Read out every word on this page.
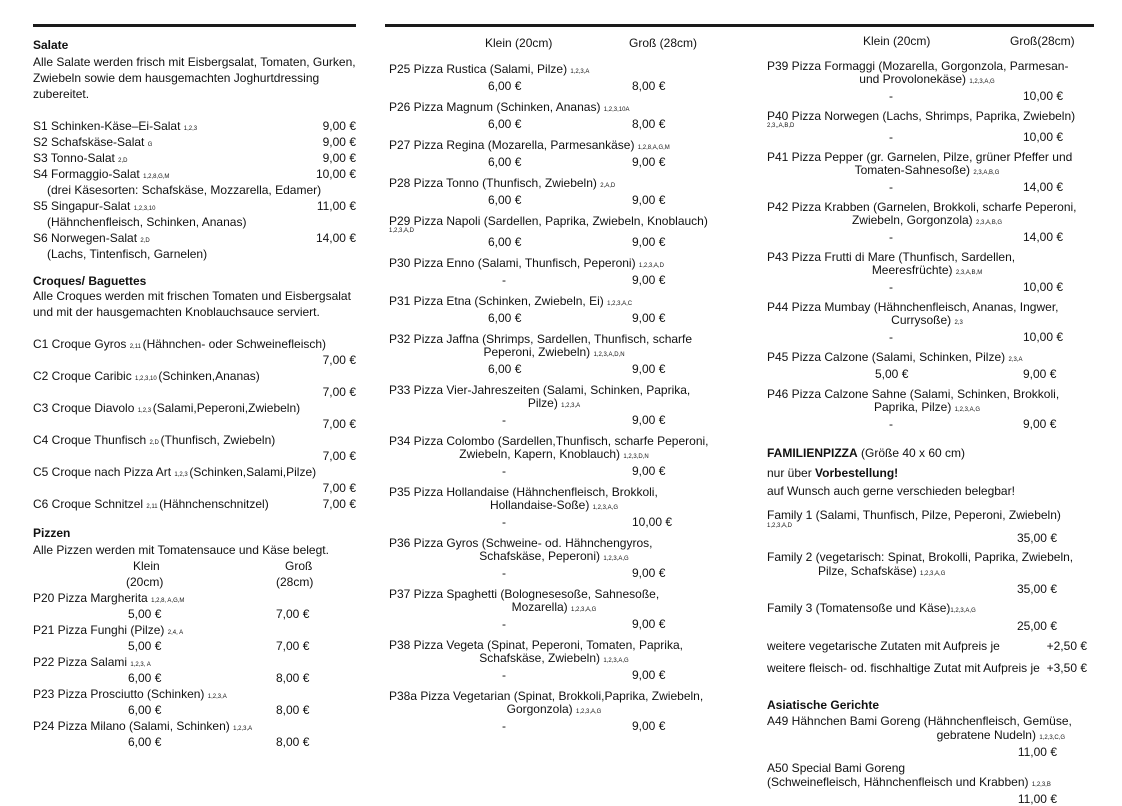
Salate
Alle Salate werden frisch mit Eisbergsalat, Tomaten, Gurken, Zwiebeln sowie dem hausgemachten Joghurtdressing zubereitet.
S1 Schinken-Käse–Ei-Salat 1,2,3	9,00 €
S2 Schafskäse-Salat G	9,00 €
S3 Tonno-Salat 2,D	9,00 €
S4 Formaggio-Salat 1,2,8,G,M	10,00 €
(drei Käsesorten: Schafskäse, Mozzarella, Edamer)
S5 Singapur-Salat 1,2,3,10	11,00 €
(Hähnchenfleisch, Schinken, Ananas)
S6 Norwegen-Salat 2,D	14,00 €
(Lachs, Tintenfisch, Garnelen)
Croques/ Baguettes
Alle Croques werden mit frischen Tomaten und Eisbergsalat und mit der hausgemachten Knoblauchsauce serviert.
C1 Croque Gyros 2,11 (Hähnchen- oder Schweinefleisch)
7,00 €
C2 Croque Caribic 1,2,3,10 (Schinken,Ananas)
7,00 €
C3 Croque Diavolo 1,2,3 (Salami,Peperoni,Zwiebeln)
7,00 €
C4 Croque Thunfisch 2,D (Thunfisch, Zwiebeln)
7,00 €
C5 Croque nach Pizza Art 1,2,3 (Schinken,Salami,Pilze)
7,00 €
C6 Croque Schnitzel 2,11 (Hähnchenschnitzel)	7,00 €
Pizzen
Alle Pizzen werden mit Tomatensauce und Käse belegt.
Klein	Groß
(20cm)	(28cm)
P20 Pizza Margherita 1,2,8, A,G,M
5,00 €	7,00 €
P21 Pizza Funghi (Pilze) 2,4, A
5,00 €	7,00 €
P22 Pizza Salami 1,2,3, A
6,00 €	8,00 €
P23 Pizza Prosciutto (Schinken) 1,2,3,A
6,00 €	8,00 €
P24 Pizza Milano (Salami, Schinken) 1,2,3,A
6,00 €	8,00 €
Klein (20cm)	Groß (28cm)
P25 Pizza Rustica (Salami, Pilze) 1,2,3,A
6,00 €	8,00 €
P26 Pizza Magnum (Schinken, Ananas) 1,2,3,10A
6,00 €	8,00 €
P27 Pizza Regina (Mozarella, Parmesankäse) 1,2,8,A,G,M
6,00 €	9,00 €
P28 Pizza Tonno (Thunfisch, Zwiebeln) 2,A,D
6,00 €	9,00 €
P29 Pizza Napoli (Sardellen, Paprika, Zwiebeln, Knoblauch)
1,2,3,A,D
6,00 €	9,00 €
P30 Pizza Enno (Salami, Thunfisch, Peperoni) 1,2,3,A,D
-	9,00 €
P31 Pizza Etna (Schinken, Zwiebeln, Ei) 1,2,3,A,C
6,00 €	9,00 €
P32 Pizza Jaffna (Shrimps, Sardellen, Thunfisch, scharfe
Peperoni, Zwiebeln) 1,2,3,A,D,N
6,00 €	9,00 €
P33 Pizza Vier-Jahreszeiten (Salami, Schinken, Paprika,
Pilze) 1,2,3,A
-	9,00 €
P34 Pizza Colombo (Sardellen,Thunfisch, scharfe Peperoni,
Zwiebeln, Kapern, Knoblauch) 1,2,3,D,N
-	9,00 €
P35 Pizza Hollandaise (Hähnchenfleisch, Brokkoli,
Hollandaise-Soße) 1,2,3,A,G
-	10,00 €
P36 Pizza Gyros (Schweine- od. Hähnchengyros,
Schafskäse, Peperoni) 1,2,3,A,G
-	9,00 €
P37 Pizza Spaghetti (Bolognesesoße, Sahnesoße,
Mozarella) 1,2,3,A,G
-	9,00 €
P38 Pizza Vegeta (Spinat, Peperoni, Tomaten, Paprika,
Schafskäse, Zwiebeln) 1,2,3,A,G
-	9,00 €
P38a Pizza Vegetarian (Spinat, Brokkoli,Paprika, Zwiebeln,
Gorgonzola) 1,2,3,A,G
-	9,00 €
Klein (20cm)	Groß(28cm)
P39 Pizza Formaggi (Mozarella, Gorgonzola, Parmesan-
und Provolonekäse) 1,2,3,A,G
-	10,00 €
P40 Pizza Norwegen (Lachs, Shrimps, Paprika, Zwiebeln)
2,3,,A,B,D
-	10,00 €
P41 Pizza Pepper (gr. Garnelen, Pilze, grüner Pfeffer und
Tomaten-Sahnesoße) 2,3,A,B,G
-	14,00 €
P42 Pizza Krabben (Garnelen, Brokkoli, scharfe Peperoni,
Zwiebeln, Gorgonzola) 2,3,A,B,G
-	14,00 €
P43 Pizza Frutti di Mare (Thunfisch, Sardellen,
Meeresfrüchte) 2,3,A,B,M
-	10,00 €
P44 Pizza Mumbay (Hähnchenfleisch, Ananas, Ingwer,
Currysoße) 2,3
-	10,00 €
P45 Pizza Calzone (Salami, Schinken, Pilze) 2,3,A
5,00 €	9,00 €
P46 Pizza Calzone Sahne (Salami, Schinken, Brokkoli,
Paprika, Pilze) 1,2,3,A,G
-	9,00 €
FAMILIENPIZZA (Größe 40 x 60 cm)
nur über Vorbestellung!
auf Wunsch auch gerne verschieden belegbar!
Family 1 (Salami, Thunfisch, Pilze, Peperoni, Zwiebeln)
1,2,3,A,D
35,00 €
Family 2 (vegetarisch: Spinat, Brokolli, Paprika, Zwiebeln,
Pilze, Schafskäse) 1,2,3,A,G
35,00 €
Family 3 (Tomatensoße und Käse)1,2,3,A,G
25,00 €
weitere vegetarische Zutaten mit Aufpreis je	+2,50 €
weitere fleisch- od. fischhaltige Zutat mit Aufpreis je +3,50 €
Asiatische Gerichte
A49 Hähnchen Bami Goreng (Hähnchenfleisch, Gemüse,
gebratene Nudeln) 1,2,3,C,G
11,00 €
A50 Special Bami Goreng
(Schweinefleisch, Hähnchenfleisch und Krabben) 1,2,3,B
11,00 €
